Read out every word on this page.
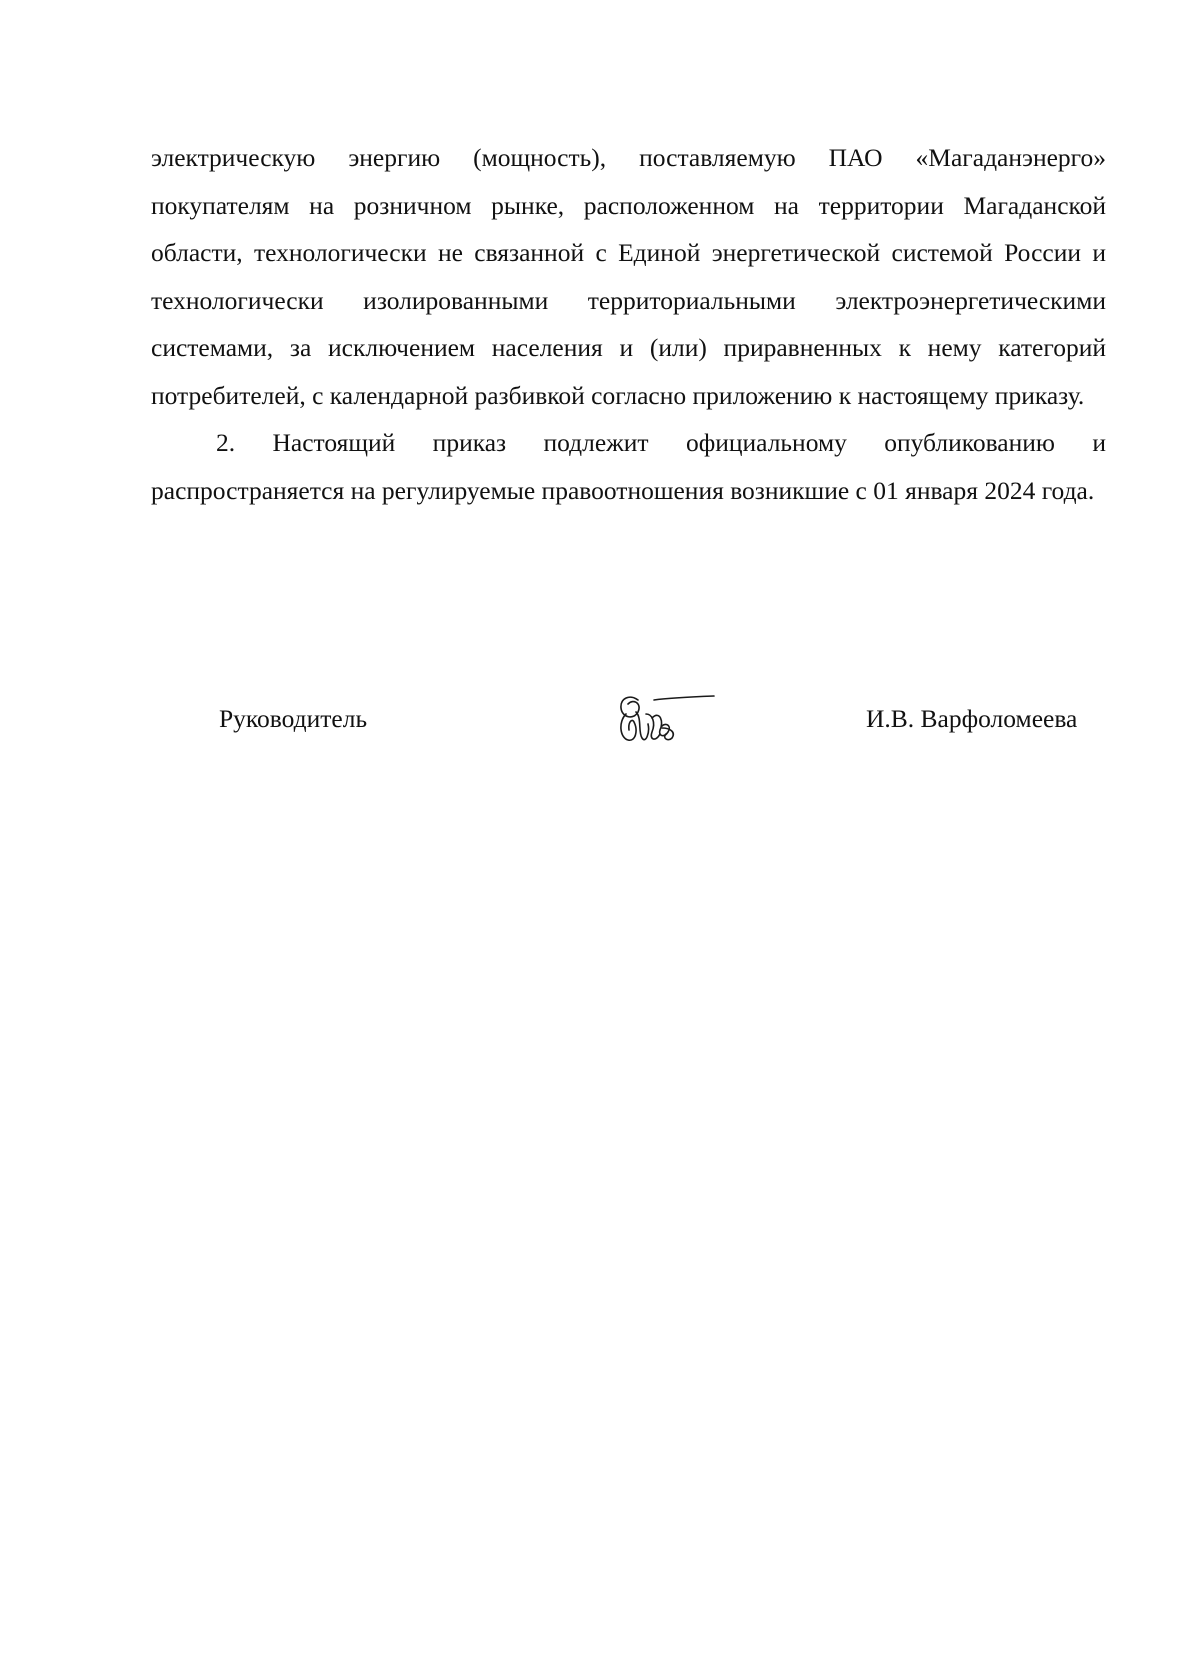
электрическую энергию (мощность), поставляемую ПАО «Магаданэнерго» покупателям на розничном рынке, расположенном на территории Магаданской области, технологически не связанной с Единой энергетической системой России и технологически изолированными территориальными электроэнергетическими системами, за исключением населения и (или) приравненных к нему категорий потребителей, с календарной разбивкой согласно приложению к настоящему приказу.

2. Настоящий приказ подлежит официальному опубликованию и распространяется на регулируемые правоотношения возникшие с 01 января 2024 года.

Руководитель	И.В. Варфоломеева
